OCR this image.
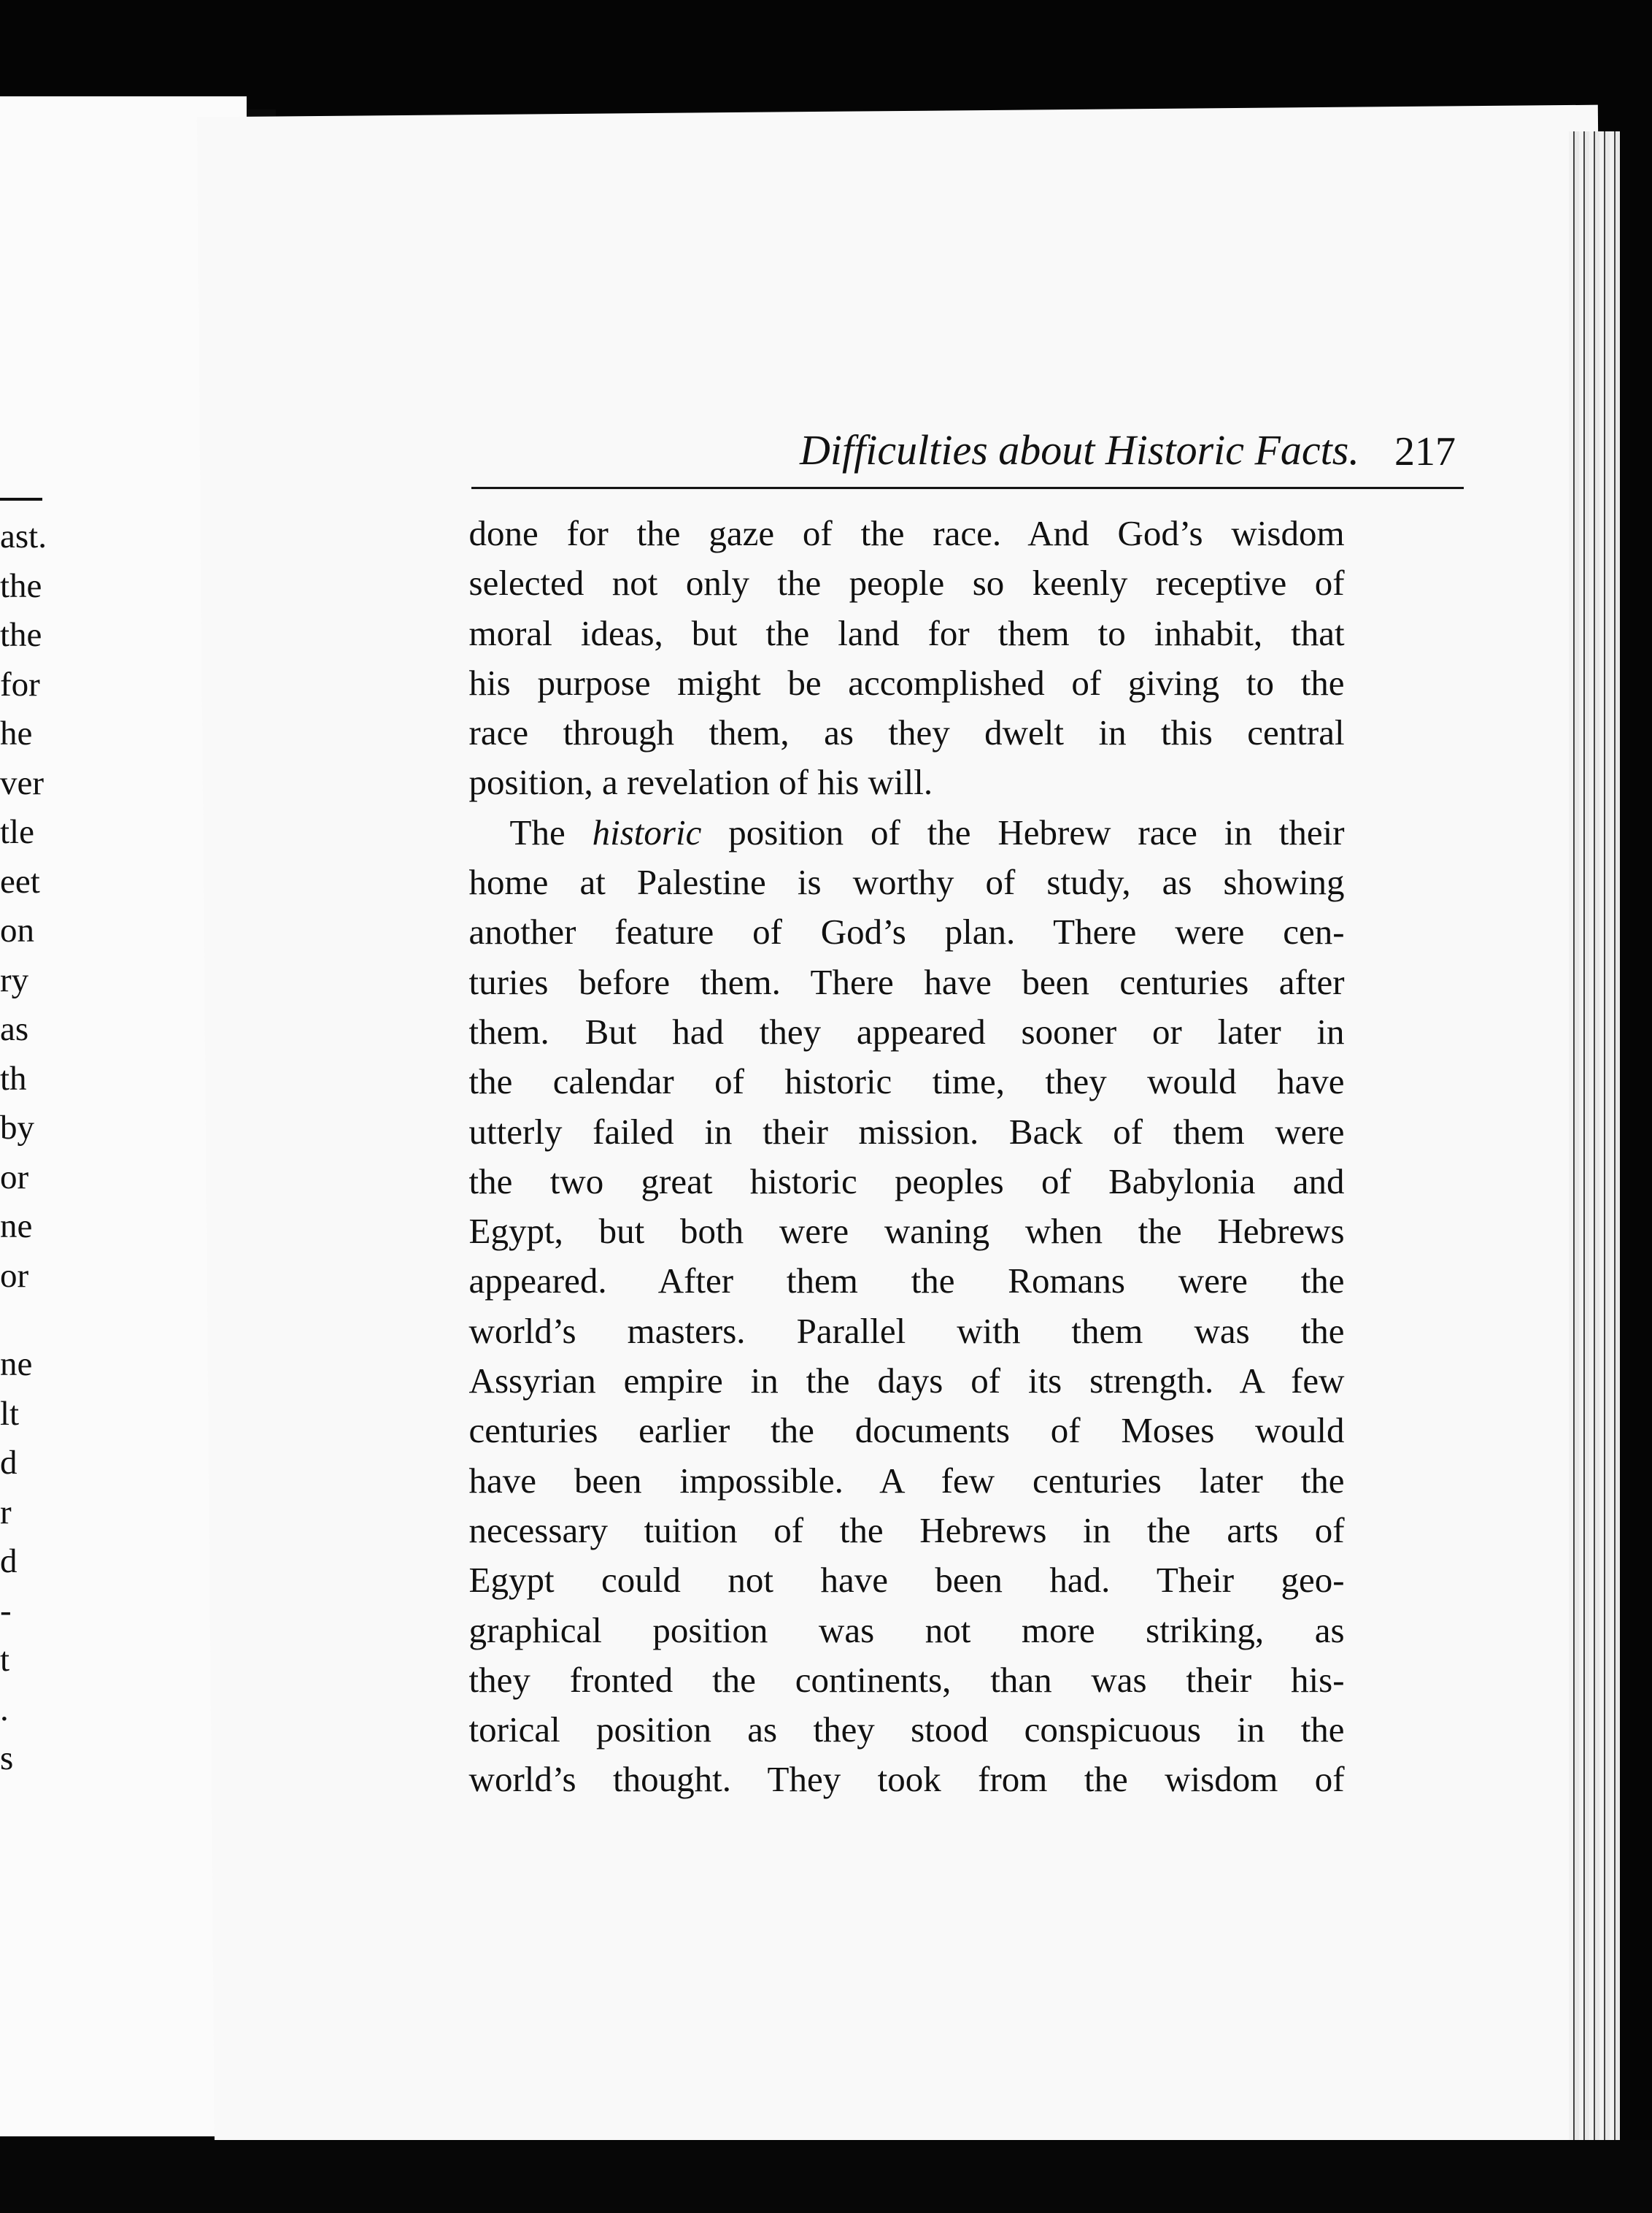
ast.
the
the
for
he
ver
tle
eet
on
ry
as
th
by
or
ne
or
ne
lt
d
r
d
-
t
.
s
Difficulties about Historic Facts. 217
done for the gaze of the race. And God’s wisdom
selected not only the people so keenly receptive of
moral ideas, but the land for them to inhabit, that
his purpose might be accomplished of giving to the
race through them, as they dwelt in this central
position, a revelation of his will.
The historic position of the Hebrew race in their
home at Palestine is worthy of study, as showing
another feature of God’s plan. There were cen-
turies before them. There have been centuries after
them. But had they appeared sooner or later in
the calendar of historic time, they would have
utterly failed in their mission. Back of them were
the two great historic peoples of Babylonia and
Egypt, but both were waning when the Hebrews
appeared. After them the Romans were the
world’s masters. Parallel with them was the
Assyrian empire in the days of its strength. A few
centuries earlier the documents of Moses would
have been impossible. A few centuries later the
necessary tuition of the Hebrews in the arts of
Egypt could not have been had. Their geo-
graphical position was not more striking, as
they fronted the continents, than was their his-
torical position as they stood conspicuous in the
world’s thought. They took from the wisdom of
